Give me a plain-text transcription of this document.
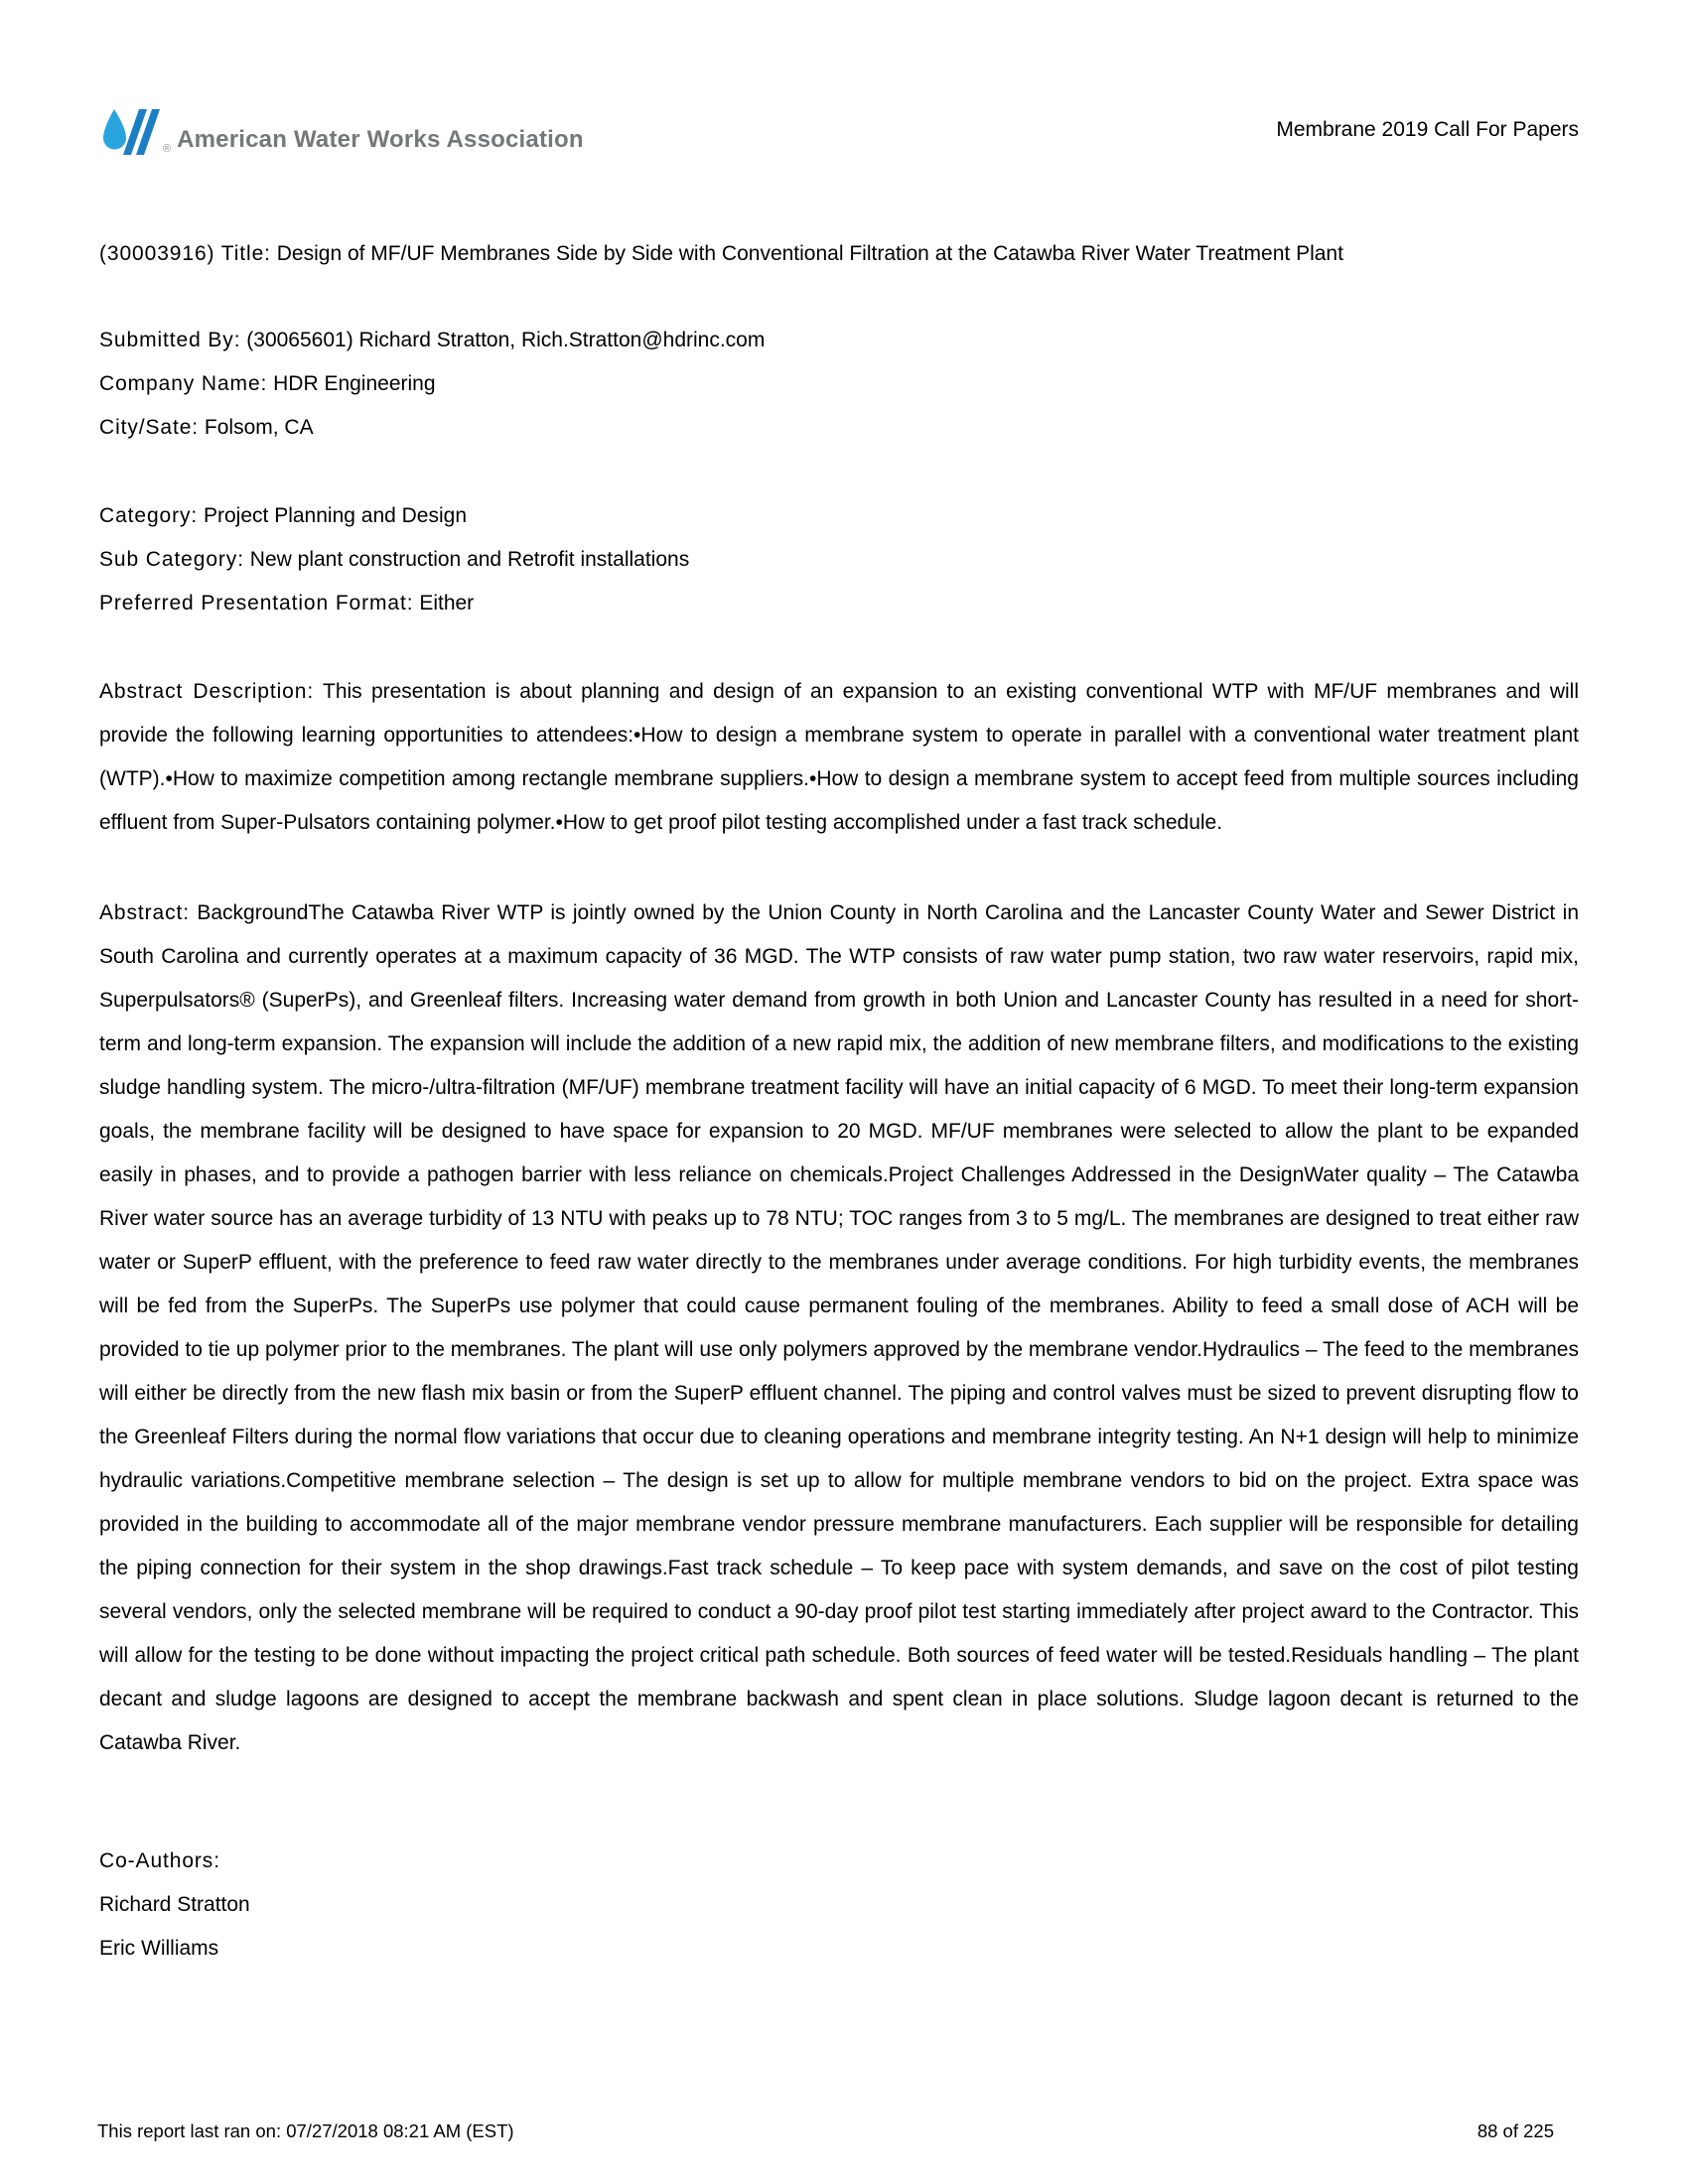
® American Water Works Association	Membrane 2019 Call For Papers
(30003916) Title: Design of MF/UF Membranes Side by Side with Conventional Filtration at the Catawba River Water Treatment Plant
Submitted By: (30065601) Richard Stratton, Rich.Stratton@hdrinc.com
Company Name: HDR Engineering
City/Sate: Folsom, CA
Category: Project Planning and Design
Sub Category: New plant construction and Retrofit installations
Preferred Presentation Format: Either
Abstract Description: This presentation is about planning and design of an expansion to an existing conventional WTP with MF/UF membranes and will provide the following learning opportunities to attendees:•How to design a membrane system to operate in parallel with a conventional water treatment plant (WTP).•How to maximize competition among rectangle membrane suppliers.•How to design a membrane system to accept feed from multiple sources including effluent from Super-Pulsators containing polymer.•How to get proof pilot testing accomplished under a fast track schedule.
Abstract: BackgroundThe Catawba River WTP is jointly owned by the Union County in North Carolina and the Lancaster County Water and Sewer District in South Carolina and currently operates at a maximum capacity of 36 MGD. The WTP consists of raw water pump station, two raw water reservoirs, rapid mix, Superpulsators® (SuperPs), and Greenleaf filters. Increasing water demand from growth in both Union and Lancaster County has resulted in a need for short-term and long-term expansion. The expansion will include the addition of a new rapid mix, the addition of new membrane filters, and modifications to the existing sludge handling system. The micro-/ultra-filtration (MF/UF) membrane treatment facility will have an initial capacity of 6 MGD. To meet their long-term expansion goals, the membrane facility will be designed to have space for expansion to 20 MGD. MF/UF membranes were selected to allow the plant to be expanded easily in phases, and to provide a pathogen barrier with less reliance on chemicals.Project Challenges Addressed in the DesignWater quality – The Catawba River water source has an average turbidity of 13 NTU with peaks up to 78 NTU; TOC ranges from 3 to 5 mg/L. The membranes are designed to treat either raw water or SuperP effluent, with the preference to feed raw water directly to the membranes under average conditions. For high turbidity events, the membranes will be fed from the SuperPs. The SuperPs use polymer that could cause permanent fouling of the membranes. Ability to feed a small dose of ACH will be provided to tie up polymer prior to the membranes. The plant will use only polymers approved by the membrane vendor.Hydraulics – The feed to the membranes will either be directly from the new flash mix basin or from the SuperP effluent channel. The piping and control valves must be sized to prevent disrupting flow to the Greenleaf Filters during the normal flow variations that occur due to cleaning operations and membrane integrity testing. An N+1 design will help to minimize hydraulic variations.Competitive membrane selection – The design is set up to allow for multiple membrane vendors to bid on the project. Extra space was provided in the building to accommodate all of the major membrane vendor pressure membrane manufacturers. Each supplier will be responsible for detailing the piping connection for their system in the shop drawings.Fast track schedule – To keep pace with system demands, and save on the cost of pilot testing several vendors, only the selected membrane will be required to conduct a 90-day proof pilot test starting immediately after project award to the Contractor. This will allow for the testing to be done without impacting the project critical path schedule. Both sources of feed water will be tested.Residuals handling – The plant decant and sludge lagoons are designed to accept the membrane backwash and spent clean in place solutions. Sludge lagoon decant is returned to the Catawba River.
Co-Authors:
Richard Stratton
Eric Williams
This report last ran on: 07/27/2018 08:21 AM (EST)	88 of 225
